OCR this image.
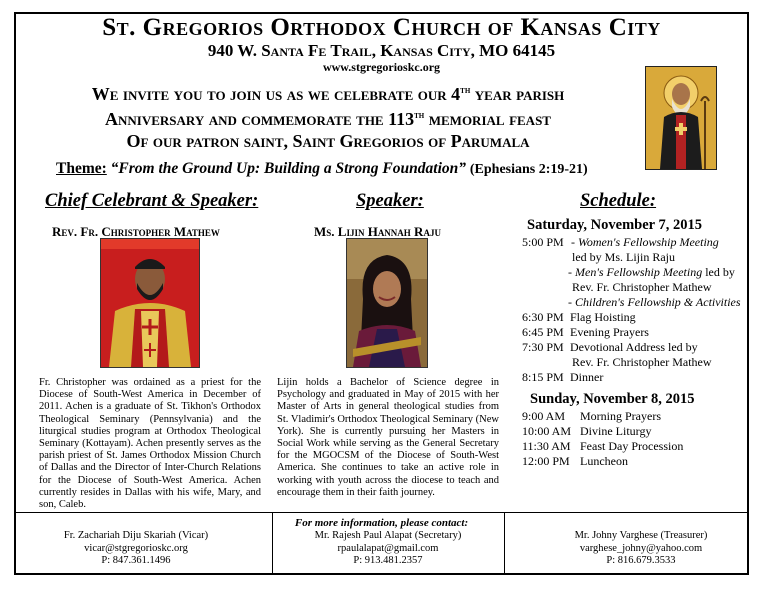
St. Gregorios Orthodox Church of Kansas City
940 W. Santa Fe Trail, Kansas City, MO 64145
www.stgregorioskc.org
We invite you to join us as we celebrate our 4th year parish
Anniversary and commemorate the 113th memorial feast
Of our patron saint, Saint Gregorios of Parumala
Theme: “From the Ground Up: Building a Strong Foundation” (Ephesians 2:19-21)
Chief Celebrant & Speaker:	Speaker:	Schedule:
Rev. Fr. Christopher Mathew	Ms. Lijin Hannah Raju
Fr. Christopher was ordained as a priest for the Diocese of South-West America in December of 2011. Achen is a graduate of St. Tikhon's Orthodox Theological Seminary (Pennsylvania) and the liturgical studies program at Orthodox Theological Seminary (Kottayam). Achen presently serves as the parish priest of St. James Orthodox Mission Church of Dallas and the Director of Inter-Church Relations for the Diocese of South-West America. Achen currently resides in Dallas with his wife, Mary, and son, Caleb.
Lijin holds a Bachelor of Science degree in Psychology and graduated in May of 2015 with her Master of Arts in general theological studies from St. Vladimir's Orthodox Theological Seminary (New York). She is currently pursuing her Masters in Social Work while serving as the General Secretary for the MGOCSM of the Diocese of South-West America. She continues to take an active role in working with youth across the diocese to teach and encourage them in their faith journey.
Saturday, November 7, 2015
5:00 PM - Women's Fellowship Meeting
led by Ms. Lijin Raju
- Men's Fellowship Meeting led by
Rev. Fr. Christopher Mathew
- Children's Fellowship & Activities
6:30 PM Flag Hoisting
6:45 PM Evening Prayers
7:30 PM Devotional Address led by
Rev. Fr. Christopher Mathew
8:15 PM Dinner
Sunday, November 8, 2015
9:00 AM Morning Prayers
10:00 AM Divine Liturgy
11:30 AM Feast Day Procession
12:00 PM Luncheon
For more information, please contact:
Fr. Zachariah Diju Skariah (Vicar)
vicar@stgregorioskc.org
P: 847.361.1496
Mr. Rajesh Paul Alapat (Secretary)
rpaulalapat@gmail.com
P: 913.481.2357
Mr. Johny Varghese (Treasurer)
varghese_johny@yahoo.com
P: 816.679.3533
